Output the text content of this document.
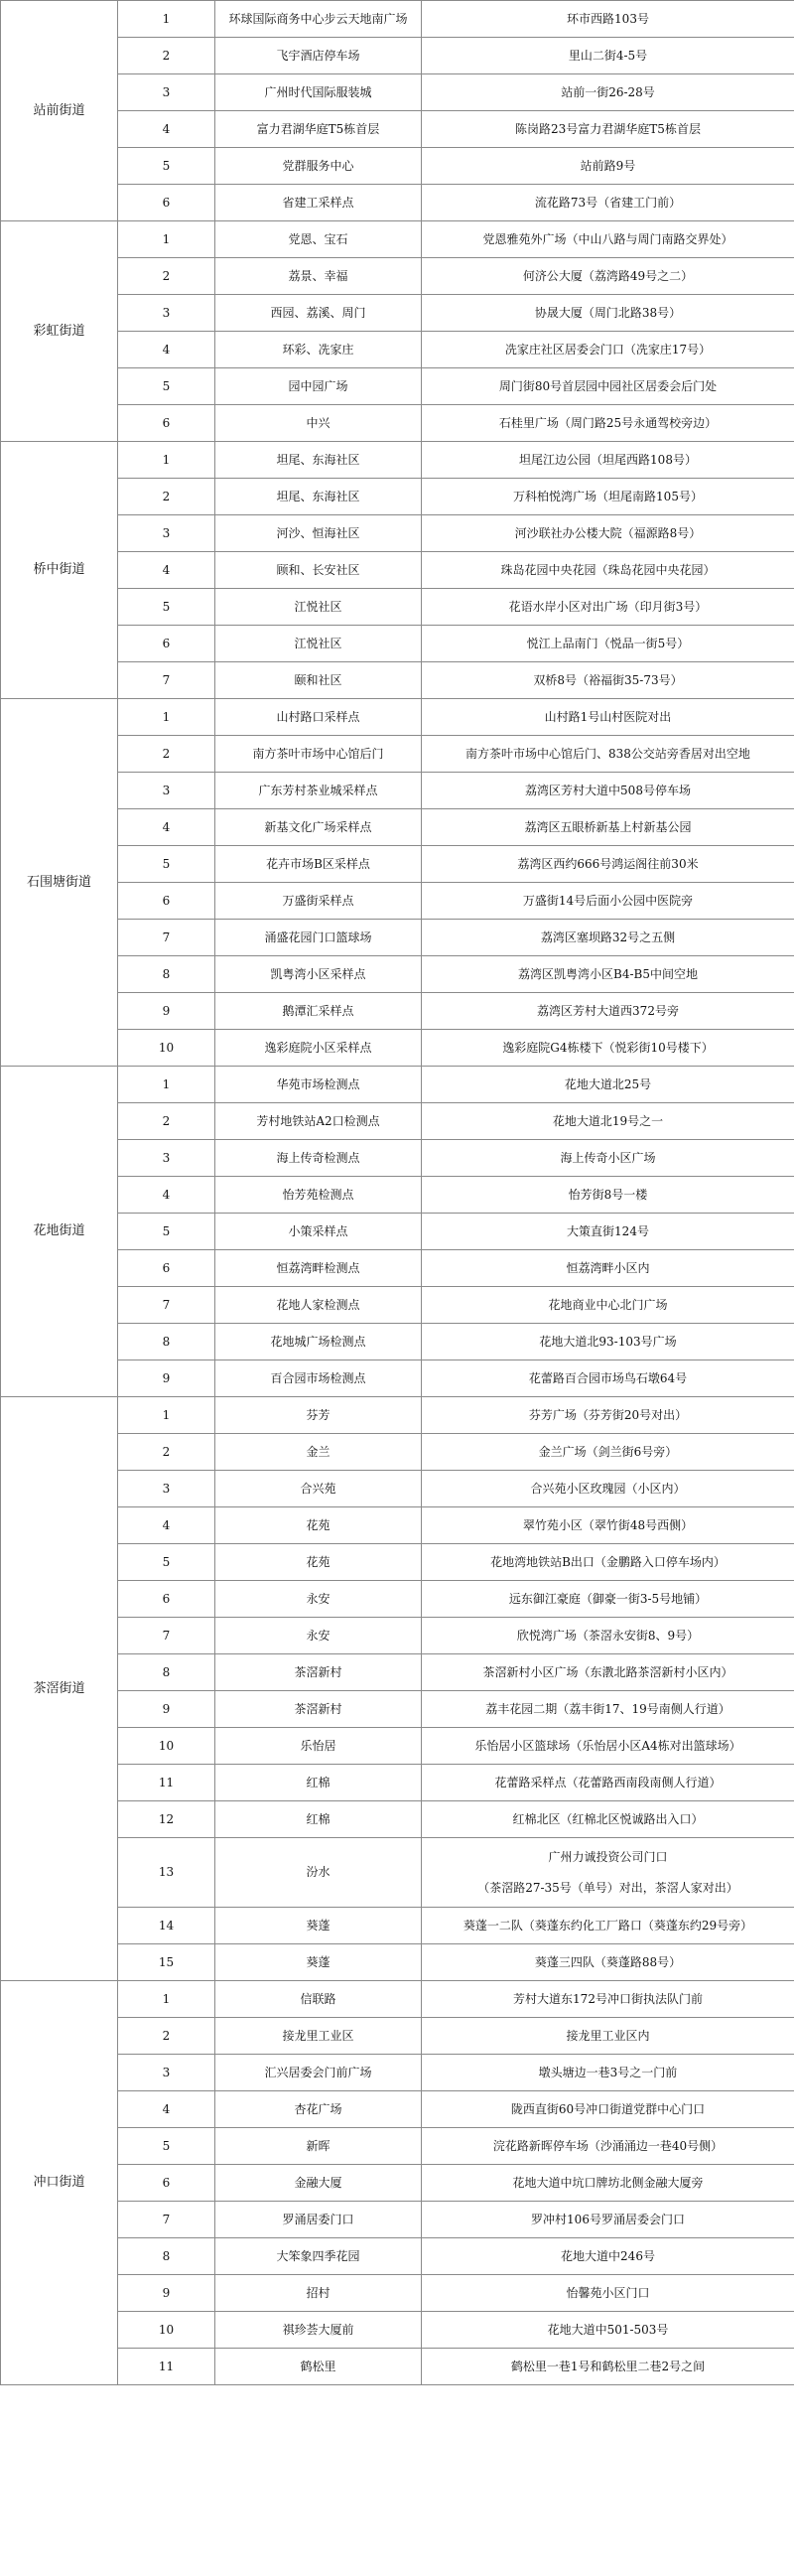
站前街道	1	环球国际商务中心步云天地南广场	环市西路103号
	2	飞宇酒店停车场	里山二街4-5号
	3	广州时代国际服装城	站前一街26-28号
	4	富力君湖华庭T5栋首层	陈岗路23号富力君湖华庭T5栋首层
	5	党群服务中心	站前路9号
	6	省建工采样点	流花路73号（省建工门前）
彩虹街道	1	党恩、宝石	党恩雅苑外广场（中山八路与周门南路交界处）
	2	荔景、幸福	何济公大厦（荔湾路49号之二）
	3	西园、荔溪、周门	协晟大厦（周门北路38号）
	4	环彩、冼家庄	冼家庄社区居委会门口（冼家庄17号）
	5	园中园广场	周门街80号首层园中园社区居委会后门处
	6	中兴	石桂里广场（周门路25号永通驾校旁边）
桥中街道	1	坦尾、东海社区	坦尾江边公园（坦尾西路108号）
	2	坦尾、东海社区	万科柏悦湾广场（坦尾南路105号）
	3	河沙、恒海社区	河沙联社办公楼大院（福源路8号）
	4	顾和、长安社区	珠岛花园中央花园（珠岛花园中央花园）
	5	江悦社区	花语水岸小区对出广场（印月街3号）
	6	江悦社区	悦江上品南门（悦品一街5号）
	7	颐和社区	双桥8号（裕福街35-73号）
石围塘街道	1	山村路口采样点	山村路1号山村医院对出
	2	南方茶叶市场中心馆后门	南方茶叶市场中心馆后门、838公交站旁香居对出空地
	3	广东芳村茶业城采样点	荔湾区芳村大道中508号停车场
	4	新基文化广场采样点	荔湾区五眼桥新基上村新基公园
	5	花卉市场B区采样点	荔湾区西约666号鸿运阁往前30米
	6	万盛街采样点	万盛街14号后面小公园中医院旁
	7	涌盛花园门口篮球场	荔湾区塞坝路32号之五侧
	8	凯粤湾小区采样点	荔湾区凯粤湾小区B4-B5中间空地
	9	鹅潭汇采样点	荔湾区芳村大道西372号旁
	10	逸彩庭院小区采样点	逸彩庭院G4栋楼下（悦彩街10号楼下）
花地街道	1	华苑市场检测点	花地大道北25号
	2	芳村地铁站A2口检测点	花地大道北19号之一
	3	海上传奇检测点	海上传奇小区广场
	4	怡芳苑检测点	怡芳街8号一楼
	5	小策采样点	大策直街124号
	6	恒荔湾畔检测点	恒荔湾畔小区内
	7	花地人家检测点	花地商业中心北门广场
	8	花地城广场检测点	花地大道北93-103号广场
	9	百合园市场检测点	花蕾路百合园市场鸟石墩64号
茶滘街道	1	芬芳	芬芳广场（芬芳街20号对出）
	2	金兰	金兰广场（剑兰街6号旁）
	3	合兴苑	合兴苑小区玫瑰园（小区内）
	4	花苑	翠竹苑小区（翠竹街48号西侧）
	5	花苑	花地湾地铁站B出口（金鹏路入口停车场内）
	6	永安	远东御江豪庭（御豪一街3-5号地铺）
	7	永安	欣悦湾广场（茶滘永安街8、9号）
	8	茶滘新村	茶滘新村小区广场（东漖北路茶滘新村小区内）
	9	茶滘新村	荔丰花园二期（荔丰街17、19号南侧人行道）
	10	乐怡居	乐怡居小区篮球场（乐怡居小区A4栋对出篮球场）
	11	红棉	花蕾路采样点（花蕾路西南段南侧人行道）
	12	红棉	红棉北区（红棉北区悦诚路出入口）
	13	汾水	广州力诚投资公司门口
（茶滘路27-35号（单号）对出，茶滘人家对出）

	14	葵蓬	葵蓬一二队（葵蓬东约化工厂路口（葵蓬东约29号旁）
	15	葵蓬	葵蓬三四队（葵蓬路88号）
冲口街道	1	信联路	芳村大道东172号冲口街执法队门前
	2	接龙里工业区	接龙里工业区内
	3	汇兴居委会门前广场	墩头塘边一巷3号之一门前
	4	杏花广场	陇西直街60号冲口街道党群中心门口
	5	新晖	浣花路新晖停车场（沙涌涌边一巷40号侧）
	6	金融大厦	花地大道中坑口牌坊北侧金融大厦旁
	7	罗涌居委门口	罗冲村106号罗涌居委会门口
	8	大笨象四季花园	花地大道中246号
	9	招村	怡馨苑小区门口
	10	祺珍荟大厦前	花地大道中501-503号
	11	鹤松里	鹤松里一巷1号和鹤松里二巷2号之间
